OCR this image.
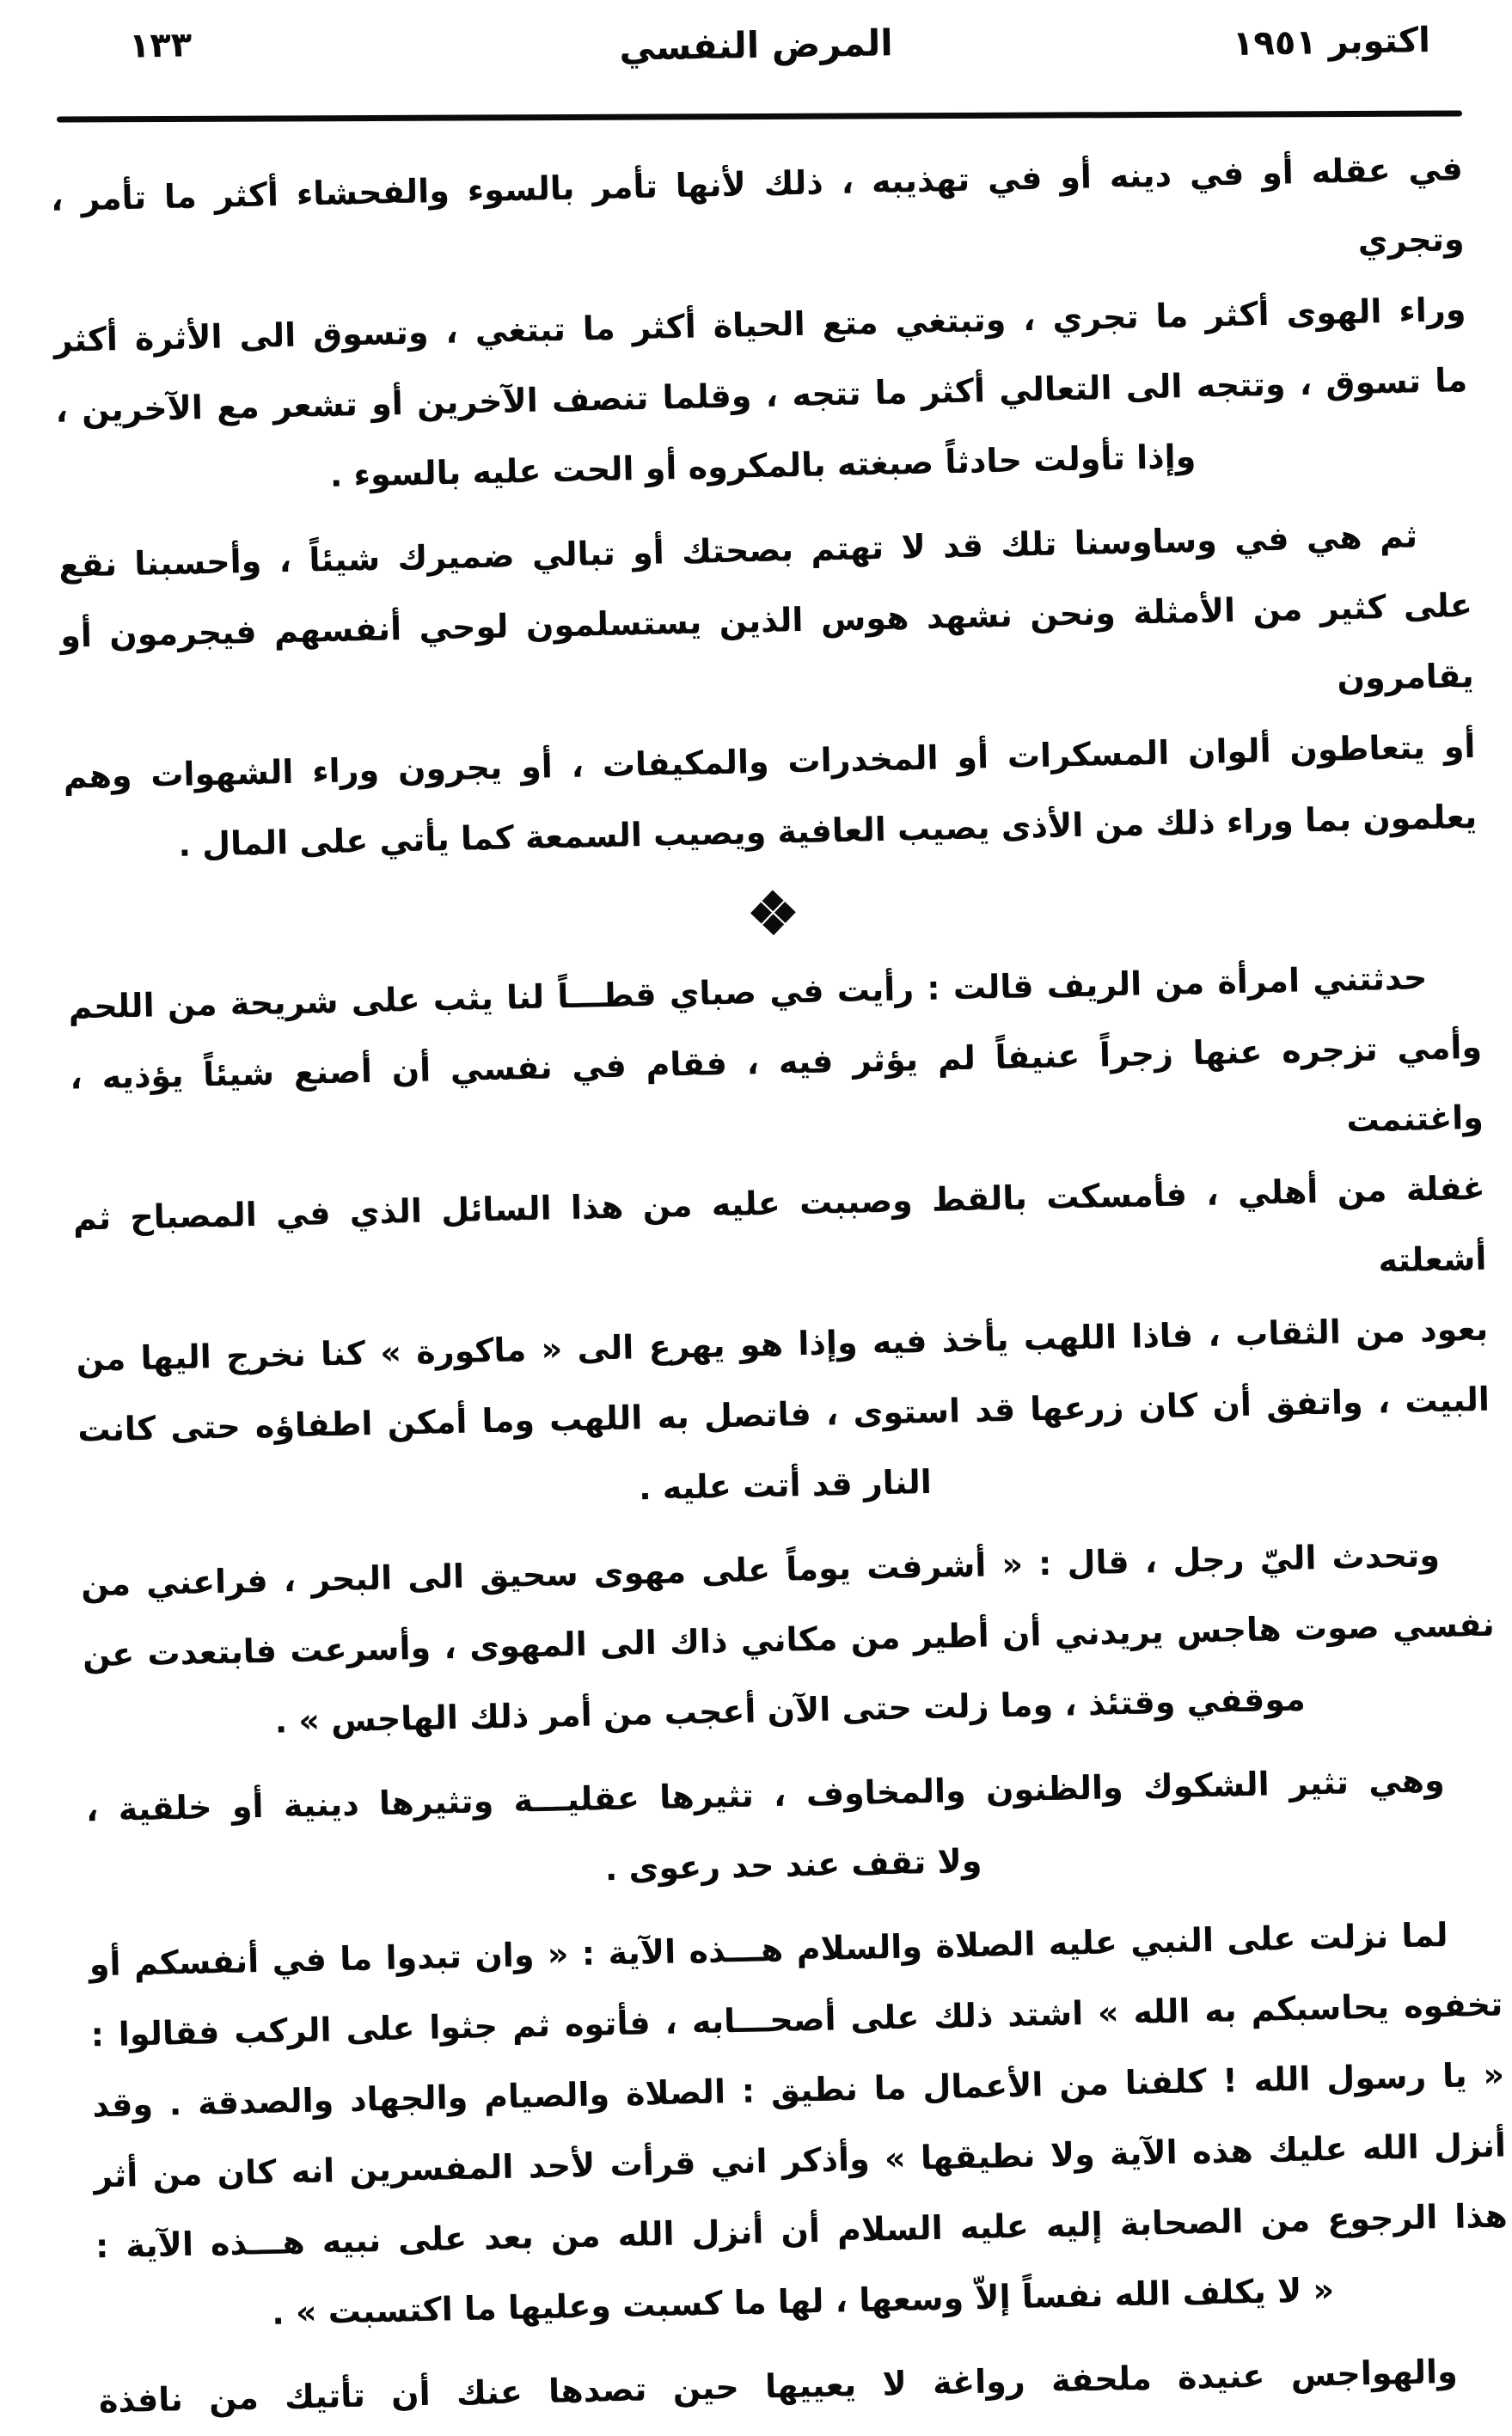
اكتوبر ١٩٥١
المرض النفسي
١٣٣
في عقله أو في دينه أو في تهذيبه ، ذلك لأنها تأمر بالسوء والفحشاء أكثر ما تأمر ، وتجري
وراء الهوى أكثر ما تجري ، وتبتغي متع الحياة أكثر ما تبتغي ، وتسوق الى الأثرة أكثر
ما تسوق ، وتتجه الى التعالي أكثر ما تتجه ، وقلما تنصف الآخرين أو تشعر مع الآخرين ،
وإذا تأولت حادثاً صبغته بالمكروه أو الحت عليه بالسوء .
ثم هي في وساوسنا تلك قد لا تهتم بصحتك أو تبالي ضميرك شيئاً ، وأحسبنا نقع
على كثير من الأمثلة ونحن نشهد هوس الذين يستسلمون لوحي أنفسهم فيجرمون أو يقامرون
أو يتعاطون ألوان المسكرات أو المخدرات والمكيفات ، أو يجرون وراء الشهوات وهم
يعلمون بما وراء ذلك من الأذى يصيب العافية ويصيب السمعة كما يأتي على المال .
حدثتني امرأة من الريف قالت : رأيت في صباي قطـــاً لنا يثب على شريحة من اللحم
وأمي تزجره عنها زجراً عنيفاً لم يؤثر فيه ، فقام في نفسي أن أصنع شيئاً يؤذيه ، واغتنمت
غفلة من أهلي ، فأمسكت بالقط وصببت عليه من هذا السائل الذي في المصباح ثم أشعلته
بعود من الثقاب ، فاذا اللهب يأخذ فيه وإذا هو يهرع الى « ماكورة » كنا نخرج اليها من
البيت ، واتفق أن كان زرعها قد استوى ، فاتصل به اللهب وما أمكن اطفاؤه حتى كانت
النار قد أتت عليه .
وتحدث اليّ رجل ، قال : « أشرفت يوماً على مهوى سحيق الى البحر ، فراعني من
نفسي صوت هاجس يريدني أن أطير من مكاني ذاك الى المهوى ، وأسرعت فابتعدت عن
موقفي وقتئذ ، وما زلت حتى الآن أعجب من أمر ذلك الهاجس » .
وهي تثير الشكوك والظنون والمخاوف ، تثيرها عقليـــة وتثيرها دينية أو خلقية ،
ولا تقف عند حد رعوى .
لما نزلت على النبي عليه الصلاة والسلام هـــذه الآية : « وان تبدوا ما في أنفسكم أو
تخفوه يحاسبكم به الله » اشتد ذلك على أصحـــابه ، فأتوه ثم جثوا على الركب فقالوا :
« يا رسول الله ! كلفنا من الأعمال ما نطيق : الصلاة والصيام والجهاد والصدقة . وقد
أنزل الله عليك هذه الآية ولا نطيقها » وأذكر اني قرأت لأحد المفسرين انه كان من أثر
هذا الرجوع من الصحابة إليه عليه السلام أن أنزل الله من بعد على نبيه هـــذه الآية :
« لا يكلف الله نفساً إلاّ وسعها ، لها ما كسبت وعليها ما اكتسبت » .
والهواجس عنيدة ملحفة رواغة لا يعييها حين تصدها عنك أن تأتيك من نافذة
